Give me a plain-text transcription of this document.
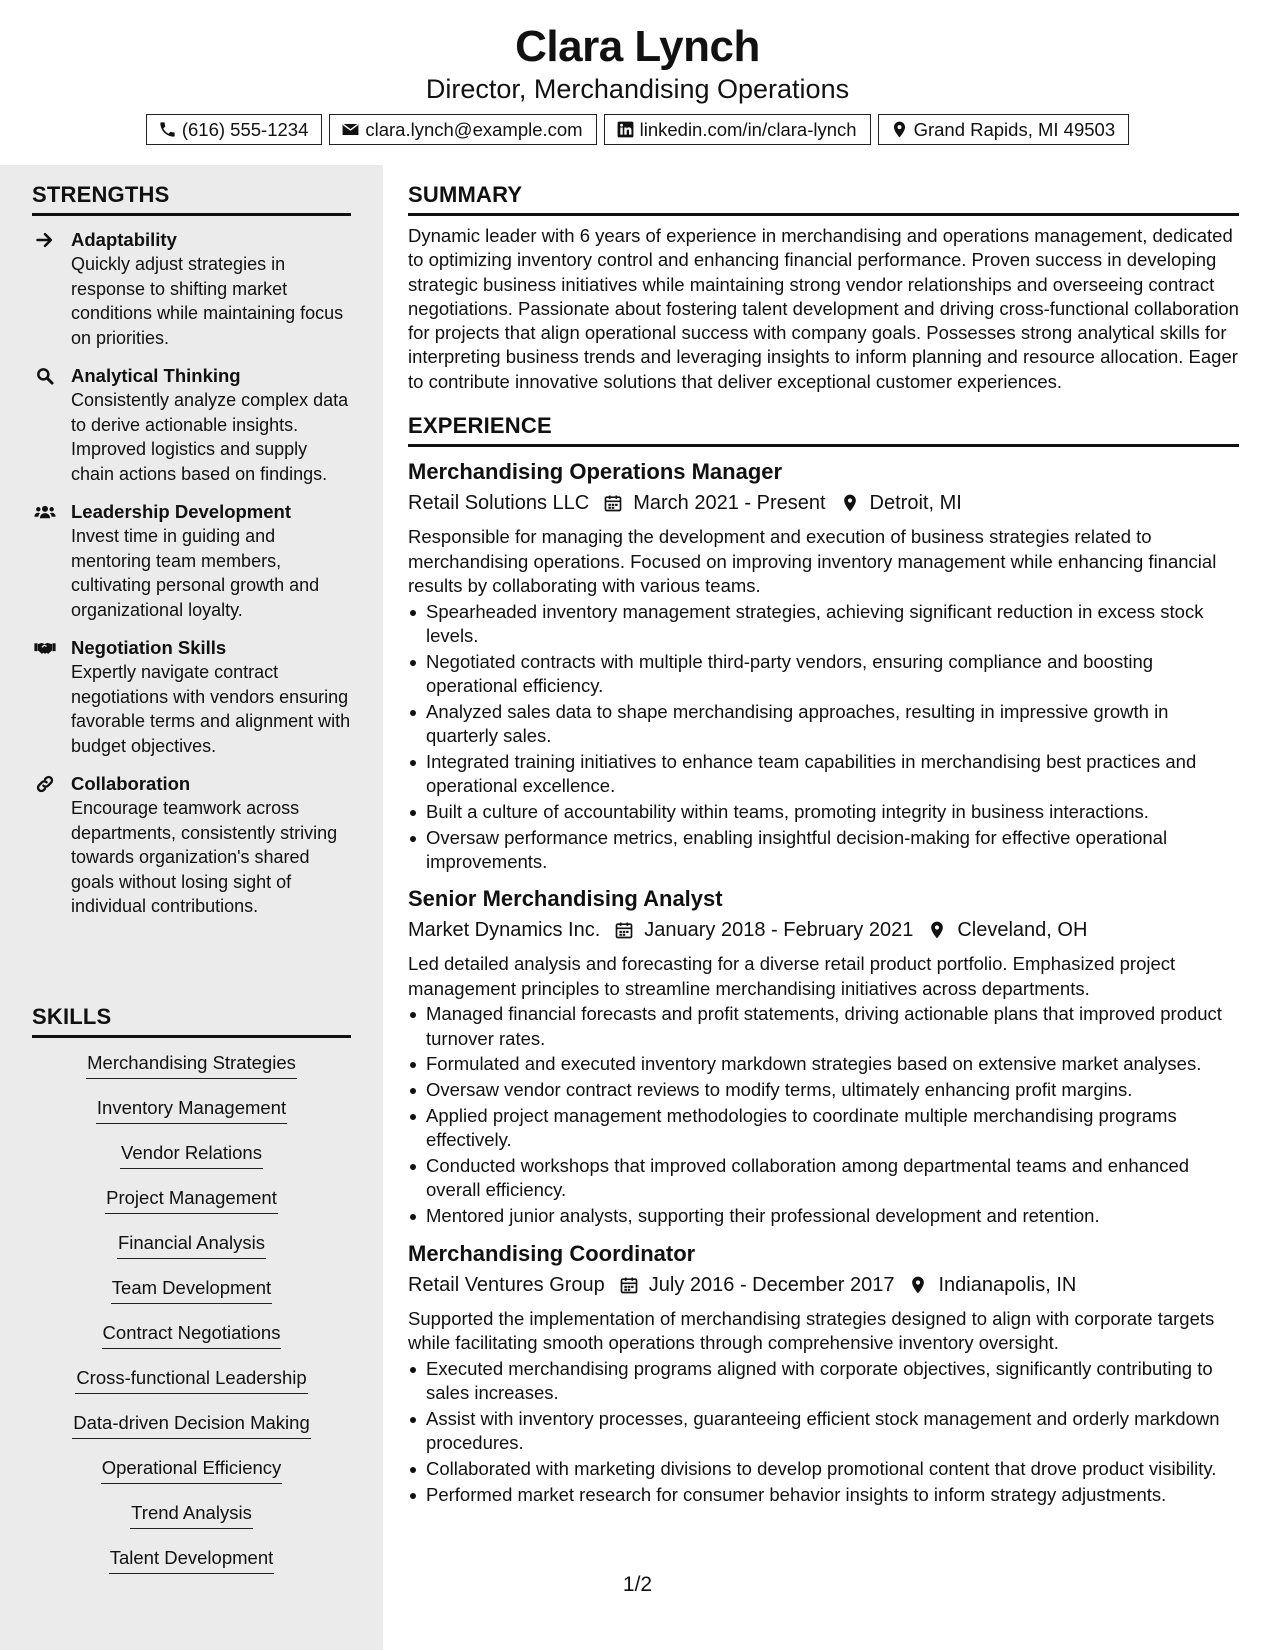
Clara Lynch
Director, Merchandising Operations
(616) 555-1234	clara.lynch@example.com	linkedin.com/in/clara-lynch	Grand Rapids, MI 49503
STRENGTHS
Adaptability
Quickly adjust strategies in response to shifting market conditions while maintaining focus on priorities.
Analytical Thinking
Consistently analyze complex data to derive actionable insights. Improved logistics and supply chain actions based on findings.
Leadership Development
Invest time in guiding and mentoring team members, cultivating personal growth and organizational loyalty.
Negotiation Skills
Expertly navigate contract negotiations with vendors ensuring favorable terms and alignment with budget objectives.
Collaboration
Encourage teamwork across departments, consistently striving towards organization's shared goals without losing sight of individual contributions.
SKILLS
Merchandising Strategies
Inventory Management
Vendor Relations
Project Management
Financial Analysis
Team Development
Contract Negotiations
Cross-functional Leadership
Data-driven Decision Making
Operational Efficiency
Trend Analysis
Talent Development
SUMMARY
Dynamic leader with 6 years of experience in merchandising and operations management, dedicated to optimizing inventory control and enhancing financial performance. Proven success in developing strategic business initiatives while maintaining strong vendor relationships and overseeing contract negotiations. Passionate about fostering talent development and driving cross-functional collaboration for projects that align operational success with company goals. Possesses strong analytical skills for interpreting business trends and leveraging insights to inform planning and resource allocation. Eager to contribute innovative solutions that deliver exceptional customer experiences.
EXPERIENCE
Merchandising Operations Manager
Retail Solutions LLC March 2021 - Present Detroit, MI
Responsible for managing the development and execution of business strategies related to merchandising operations. Focused on improving inventory management while enhancing financial results by collaborating with various teams.
Spearheaded inventory management strategies, achieving significant reduction in excess stock levels.
Negotiated contracts with multiple third-party vendors, ensuring compliance and boosting operational efficiency.
Analyzed sales data to shape merchandising approaches, resulting in impressive growth in quarterly sales.
Integrated training initiatives to enhance team capabilities in merchandising best practices and operational excellence.
Built a culture of accountability within teams, promoting integrity in business interactions.
Oversaw performance metrics, enabling insightful decision-making for effective operational improvements.
Senior Merchandising Analyst
Market Dynamics Inc. January 2018 - February 2021 Cleveland, OH
Led detailed analysis and forecasting for a diverse retail product portfolio. Emphasized project management principles to streamline merchandising initiatives across departments.
Managed financial forecasts and profit statements, driving actionable plans that improved product turnover rates.
Formulated and executed inventory markdown strategies based on extensive market analyses.
Oversaw vendor contract reviews to modify terms, ultimately enhancing profit margins.
Applied project management methodologies to coordinate multiple merchandising programs effectively.
Conducted workshops that improved collaboration among departmental teams and enhanced overall efficiency.
Mentored junior analysts, supporting their professional development and retention.
Merchandising Coordinator
Retail Ventures Group July 2016 - December 2017 Indianapolis, IN
Supported the implementation of merchandising strategies designed to align with corporate targets while facilitating smooth operations through comprehensive inventory oversight.
Executed merchandising programs aligned with corporate objectives, significantly contributing to sales increases.
Assist with inventory processes, guaranteeing efficient stock management and orderly markdown procedures.
Collaborated with marketing divisions to develop promotional content that drove product visibility.
Performed market research for consumer behavior insights to inform strategy adjustments.
1/2
